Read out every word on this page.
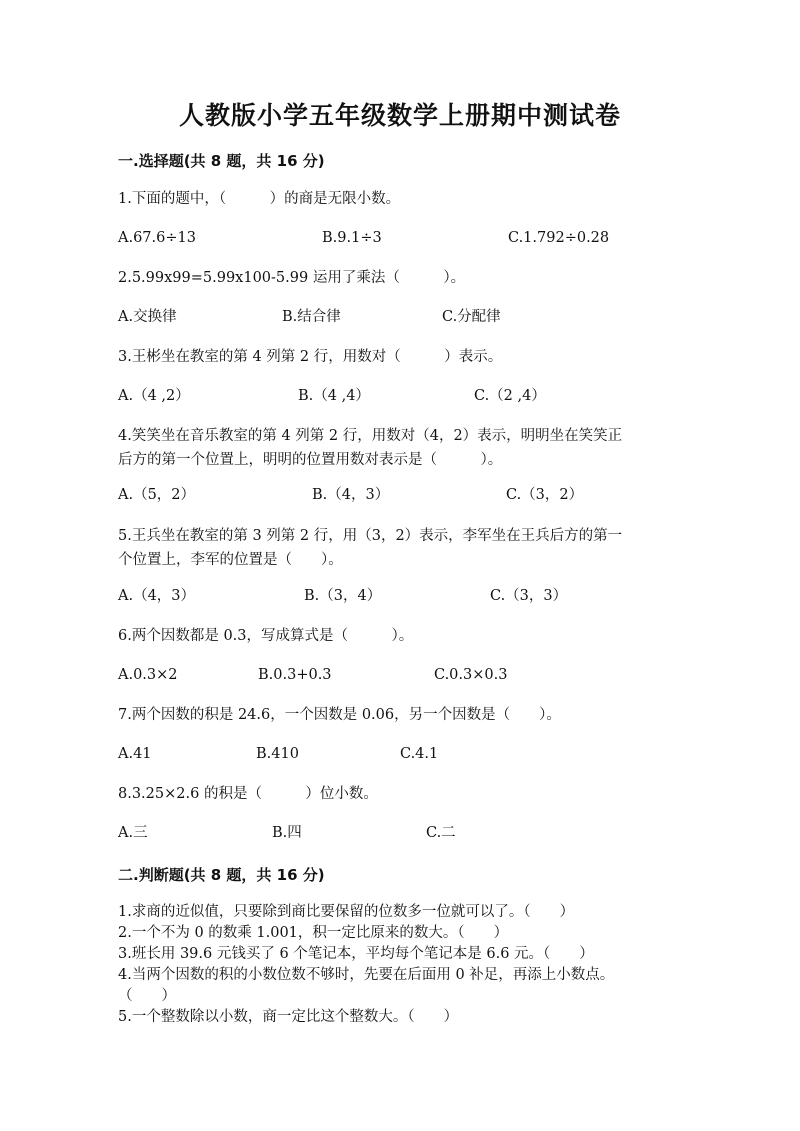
人教版小学五年级数学上册期中测试卷
一.选择题(共 8 题，共 16 分)
1.下面的题中，（　　　）的商是无限小数。
A.67.6÷13	B.9.1÷3	C.1.792÷0.28
2.5.99x99=5.99x100-5.99 运用了乘法（　　　）。
A.交换律	B.结合律	C.分配律
3.王彬坐在教室的第 4 列第 2 行，用数对（　　　）表示。
A.（4 ,2）	B.（4 ,4）	C.（2 ,4）
4.笑笑坐在音乐教室的第 4 列第 2 行，用数对（4，2）表示，明明坐在笑笑正
后方的第一个位置上，明明的位置用数对表示是（　　　）。
A.（5，2）	B.（4，3）	C.（3，2）
5.王兵坐在教室的第 3 列第 2 行，用（3，2）表示，李军坐在王兵后方的第一
个位置上，李军的位置是（　　）。
A.（4，3）	B.（3，4）	C.（3，3）
6.两个因数都是 0.3，写成算式是（　　　）。
A.0.3×2	B.0.3+0.3	C.0.3×0.3
7.两个因数的积是 24.6，一个因数是 0.06，另一个因数是（　　）。
A.41	B.410	C.4.1
8.3.25×2.6 的积是（　　　）位小数。
A.三	B.四	C.二
二.判断题(共 8 题，共 16 分)
1.求商的近似值，只要除到商比要保留的位数多一位就可以了。（　　）
2.一个不为 0 的数乘 1.001，积一定比原来的数大。（　　）
3.班长用 39.6 元钱买了 6 个笔记本，平均每个笔记本是 6.6 元。（　　）
4.当两个因数的积的小数位数不够时，先要在后面用 0 补足，再添上小数点。
（　　）
5.一个整数除以小数，商一定比这个整数大。（　　）
